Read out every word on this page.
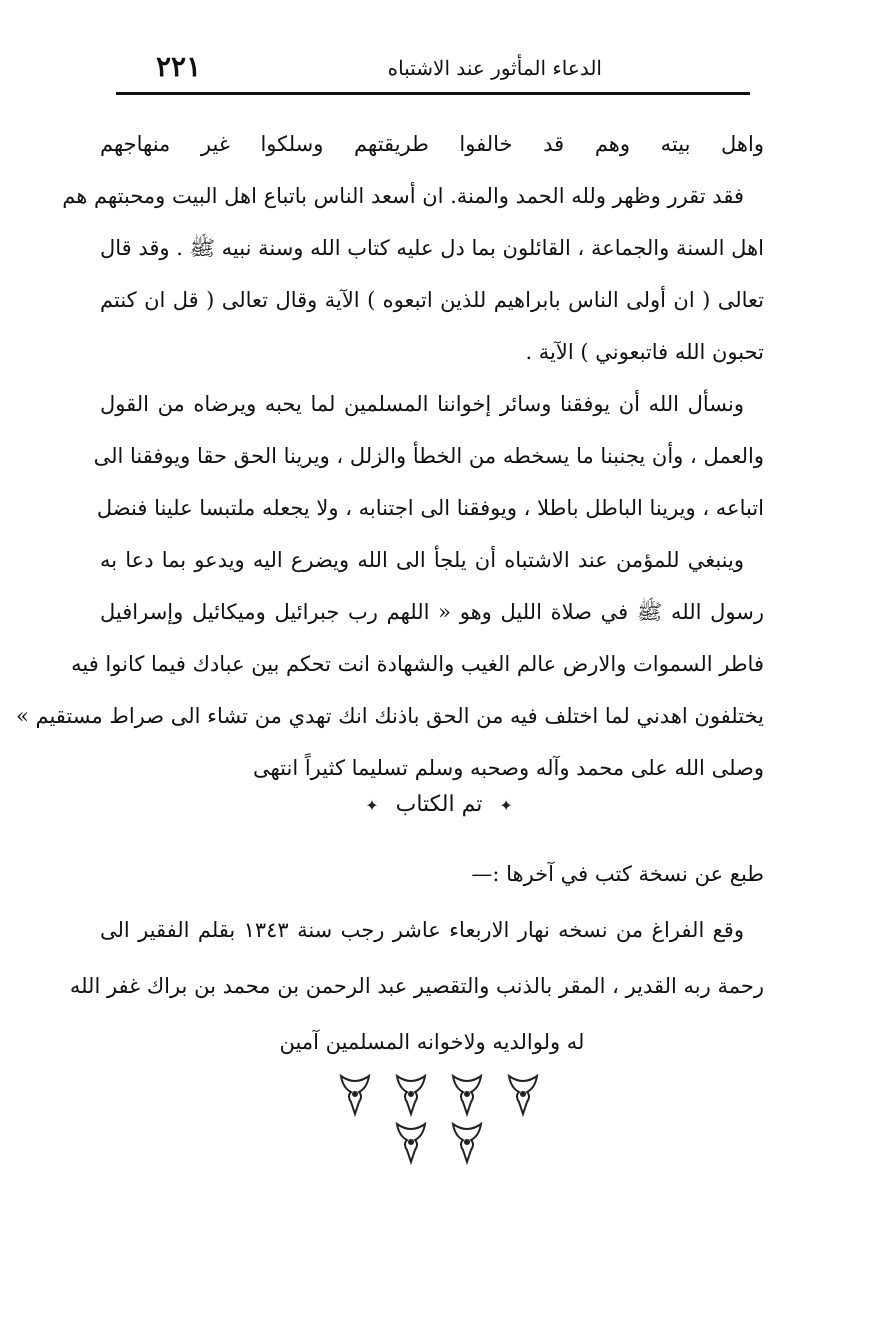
الدعاء المأثور عند الاشتباه
٢٢١
واهل بيته وهم قد خالفوا طريقتهم وسلكوا غير منهاجهم
فقد تقرر وظهر ولله الحمد والمنة. ان أسعد الناس باتباع اهل البيت ومحبتهم هم
اهل السنة والجماعة ، القائلون بما دل عليه كتاب الله وسنة نبيه ﷺ . وقد قال
تعالى ( ان أولى الناس بابراهيم للذين اتبعوه ) الآية وقال تعالى ( قل ان كنتم
تحبون الله فاتبعوني ) الآية .
ونسأل الله أن يوفقنا وسائر إخواننا المسلمين لما يحبه ويرضاه من القول
والعمل ، وأن يجنبنا ما يسخطه من الخطأ والزلل ، ويرينا الحق حقا ويوفقنا الى
اتباعه ، ويرينا الباطل باطلا ، ويوفقنا الى اجتنابه ، ولا يجعله ملتبسا علينا فنضل
وينبغي للمؤمن عند الاشتباه أن يلجأ الى الله ويضرع اليه ويدعو بما دعا به
رسول الله ﷺ في صلاة الليل وهو « اللهم رب جبرائيل وميكائيل وإسرافيل
فاطر السموات والارض عالم الغيب والشهادة انت تحكم بين عبادك فيما كانوا فيه
يختلفون اهدني لما اختلف فيه من الحق باذنك انك تهدي من تشاء الى صراط مستقيم »
وصلى الله على محمد وآله وصحبه وسلم تسليما كثيراً انتهى
✦ تم الكتاب ✦
طبع عن نسخة كتب في آخرها :—
وقع الفراغ من نسخه نهار الاربعاء عاشر رجب سنة ١٣٤٣ بقلم الفقير الى
رحمة ربه القدير ، المقر بالذنب والتقصير عبد الرحمن بن محمد بن براك غفر الله
له ولوالديه ولاخوانه المسلمين آمين
